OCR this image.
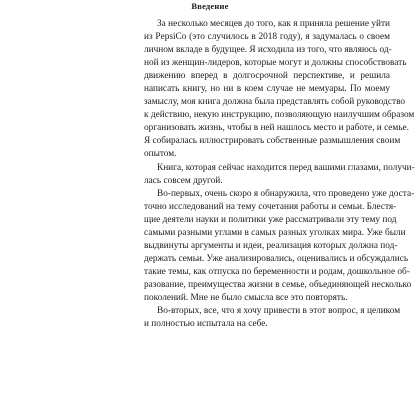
Введение
За несколько месяцев до того, как я приняла решение уйти
из PepsiCo (это случилось в 2018 году), я задумалась о своем
личном вкладе в будущее. Я исходила из того, что являюсь од-
ной из женщин-лидеров, которые могут и должны способствовать
движению вперед в долгосрочной перспективе, и решила
написать книгу, но ни в коем случае не мемуары. По моему
замыслу, моя книга должна была представлять собой руководство
к действию, некую инструкцию, позволяющую наилучшим образом
организовать жизнь, чтобы в ней нашлось место и работе, и семье.
Я собиралась иллюстрировать собственные размышления своим
опытом.
Книга, которая сейчас находится перед вашими глазами, получи-
лась совсем другой.
Во-первых, очень скоро я обнаружила, что проведено уже доста-
точно исследований на тему сочетания работы и семьи. Блестя-
щие деятели науки и политики уже рассматривали эту тему под
самыми разными углами в самых разных уголках мира. Уже были
выдвинуты аргументы и идеи, реализация которых должна под-
держать семьи. Уже анализировались, оценивались и обсуждались
такие темы, как отпуска по беременности и родам, дошкольное об-
разование, преимущества жизни в семье, объединяющей несколько
поколений. Мне не было смысла все это повторять.
Во-вторых, все, что я хочу привести в этот вопрос, я целиком
и полностью испытала на себе.
